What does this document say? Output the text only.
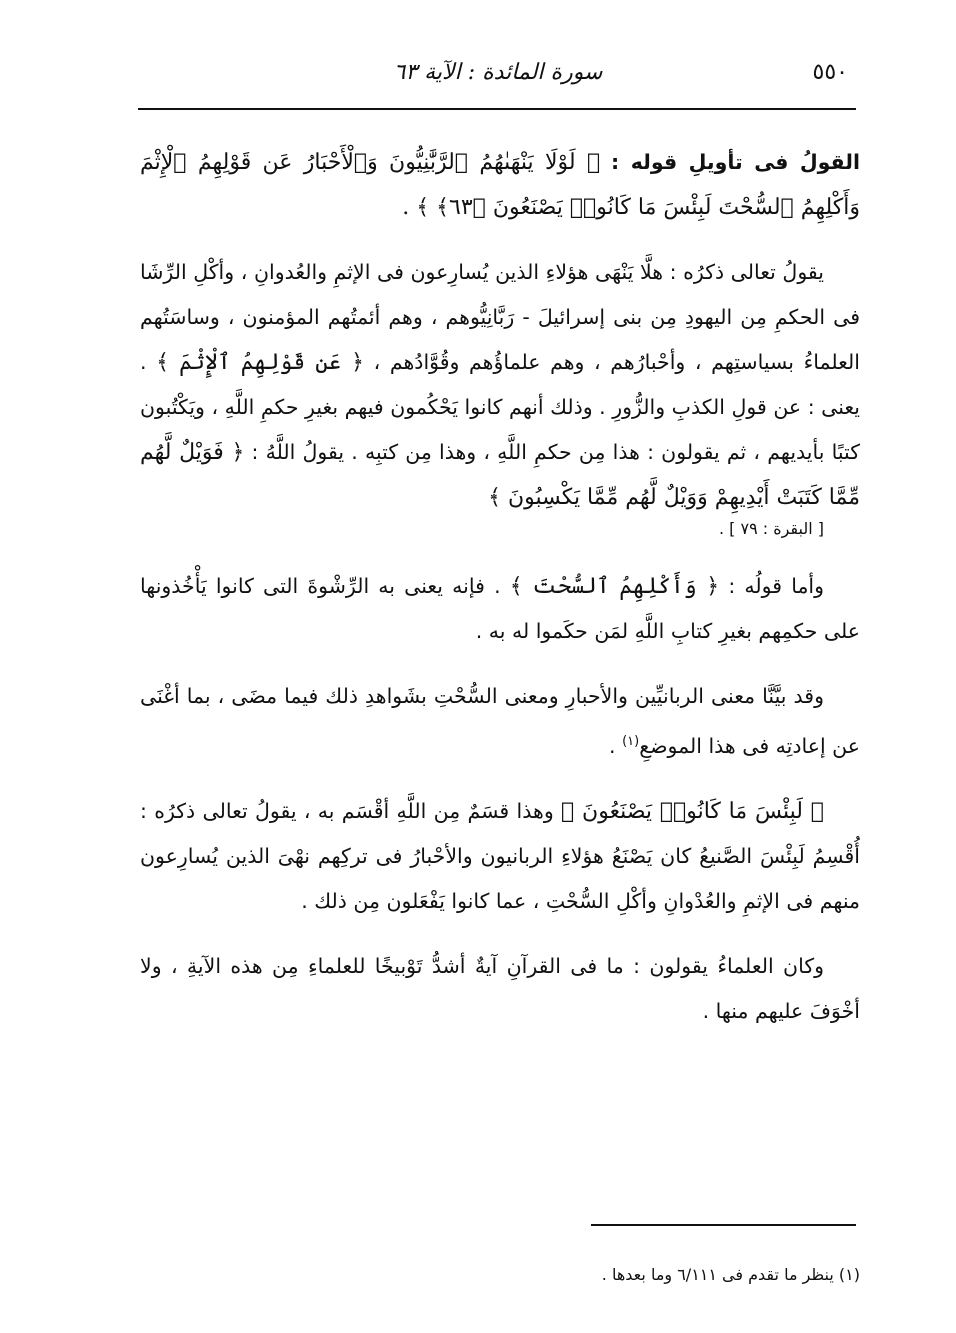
٥٥٠
سورة المائدة : الآية ٦٣

القولُ فى تأويلِ قوله : ﴿ لَوْلَا يَنْهَىٰهُمُ ٱلرَّبَّٰنِيُّونَ وَٱلْأَحْبَارُ عَن قَوْلِهِمُ ٱلْإِثْمَ وَأَكْلِهِمُ ٱلسُّحْتَ لَبِئْسَ مَا كَانُوا۟ يَصْنَعُونَ ﴿٦٣﴾ ﴾ .

يقولُ تعالى ذكرُه : هلَّا يَنْهَى هؤلاءِ الذين يُسارِعون فى الإثمِ والعُدوانِ ، وأكْلِ الرِّشَا فى الحكمِ مِن اليهودِ مِن بنى إسرائيلَ - رَبَّانِيُّوهم ، وهم أئمتُهم المؤمنون ، وساسَتُهم العلماءُ بسياستِهم ، وأحْبارُهم ، وهم علماؤُهم وقُوَّادُهم ، ﴿ عَن قَوْلِهِمُ ٱلْإِثْمَ ﴾ . يعنى : عن قولِ الكذبِ والزُّورِ . وذلك أنهم كانوا يَحْكُمون فيهم بغيرِ حكمِ اللَّهِ ، ويَكْتُبون كتبًا بأيديهم ، ثم يقولون : هذا مِن حكمِ اللَّهِ ، وهذا مِن كتبِه . يقولُ اللَّهُ : ﴿ فَوَيْلٌ لَّهُم مِّمَّا كَتَبَتْ أَيْدِيهِمْ وَوَيْلٌ لَّهُم مِّمَّا يَكْسِبُونَ ﴾
[ البقرة : ٧٩ ] .

وأما قولُه : ﴿ وَأَكْلِهِمُ ٱلسُّحْتَ ﴾ . فإنه يعنى به الرِّشْوةَ التى كانوا يَأْخُذونها على حكمِهم بغيرِ كتابِ اللَّهِ لمَن حكَموا له به .

وقد بيَّنَّا معنى الربانيِّين والأحبارِ ومعنى السُّحْتِ بشَواهدِ ذلك فيما مضَى ، بما أغْنَى عن إعادتِه فى هذا الموضعِ$^{(١)}$ .

﴿ لَبِئْسَ مَا كَانُوا۟ يَصْنَعُونَ ﴾ وهذا قسَمٌ مِن اللَّهِ أقْسَم به ، يقولُ تعالى ذكرُه : أُقْسِمُ لَبِئْسَ الصَّنيعُ كان يَصْنَعُ هؤلاءِ الربانيون والأحْبارُ فى تركِهم نهْىَ الذين يُسارِعون منهم فى الإثمِ والعُدْوانِ وأكْلِ السُّحْتِ ، عما كانوا يَفْعَلون مِن ذلك .

وكان العلماءُ يقولون : ما فى القرآنِ آيةٌ أشدُّ تَوْبيخًا للعلماءِ مِن هذه الآيةِ ، ولا أخْوَفَ عليهم منها .

(١) ينظر ما تقدم فى ٦/١١١ وما بعدها .
